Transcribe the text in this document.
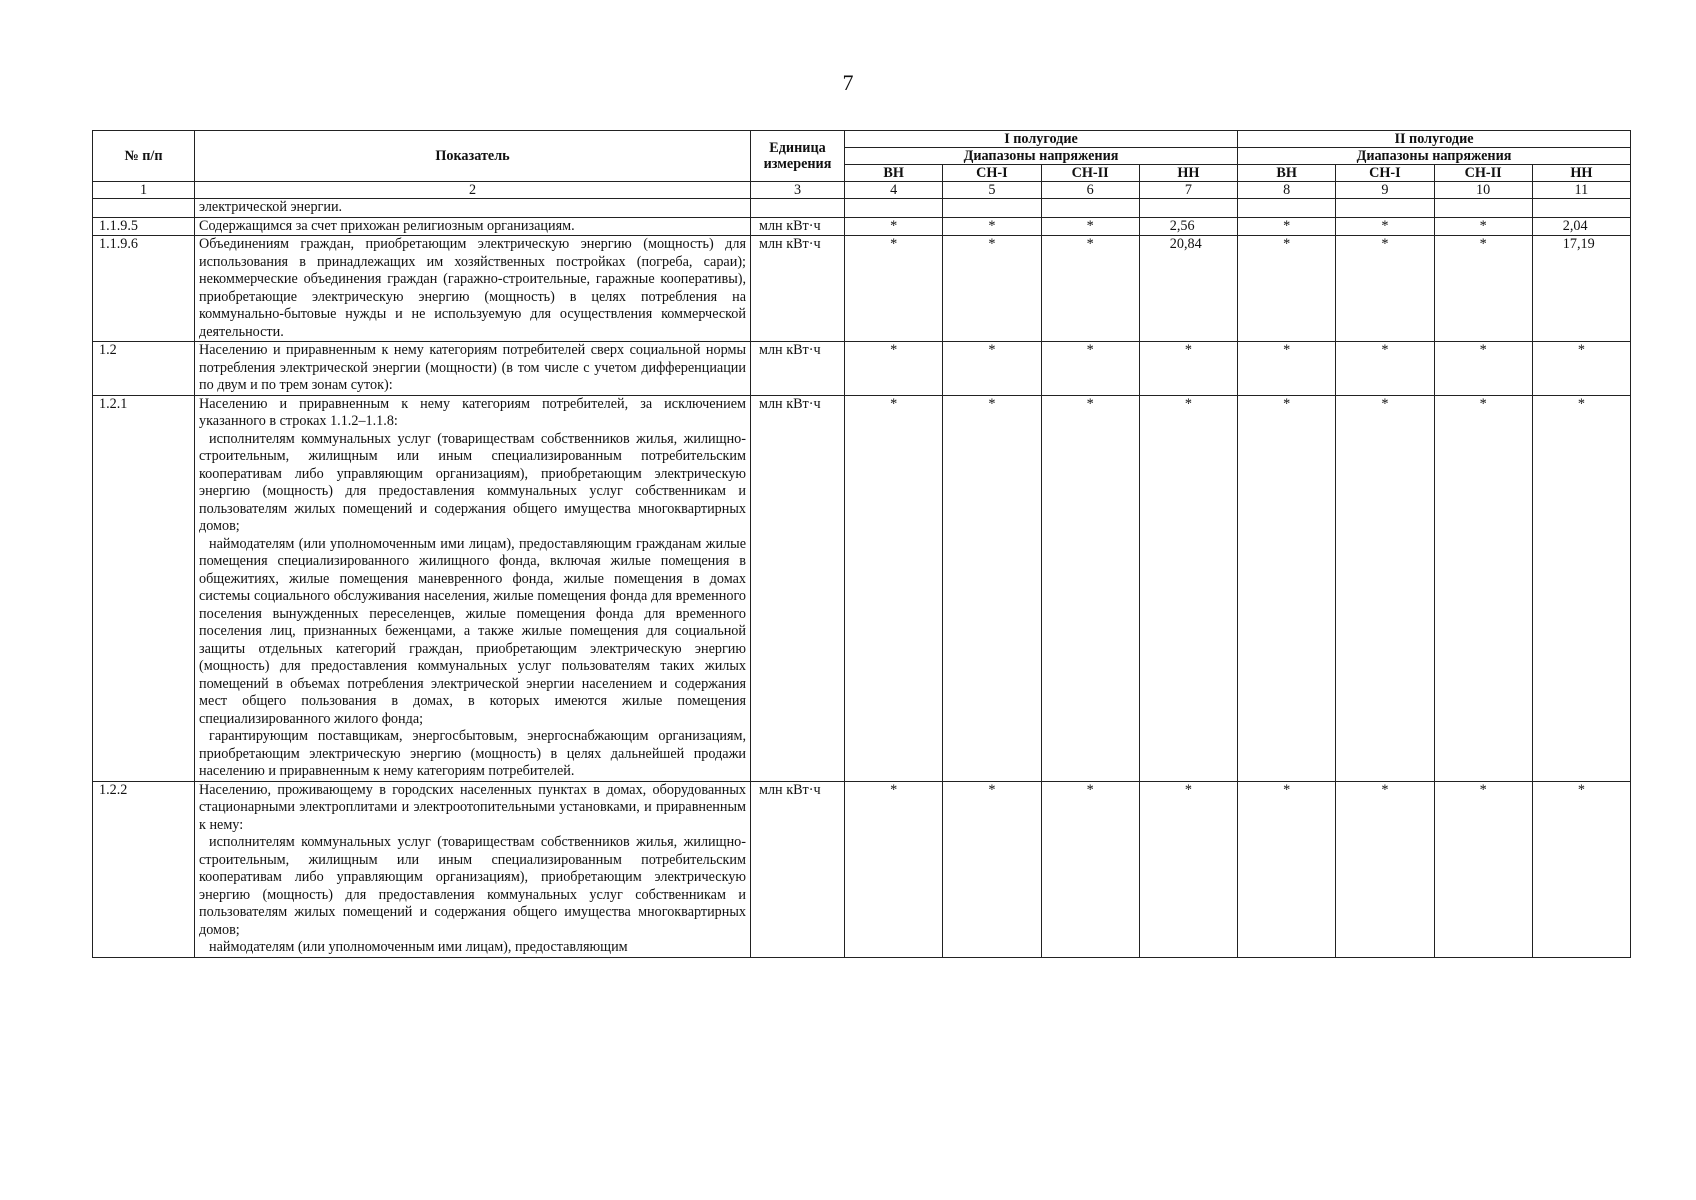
7
№ п/п	Показатель	Единица измерения	I полугодие				II полугодие			
			Диапазоны напряжения				Диапазоны напряжения			
			ВН	СН-I	СН-II	НН	ВН	СН-I	СН-II	НН
1	2	3	4	5	6	7	8	9	10	11

	электрической энергии.									

1.1.9.5	Содержащимся за счет прихожан религиозным организациям.	млн кВт·ч	*	*	*	2,56	*	*	*	2,04
1.1.9.6	Объединениям граждан, приобретающим электрическую энергию (мощность) для использования в принадлежащих им хозяйственных постройках (погреба, сараи); некоммерческие объединения граждан (гаражно-строительные, гаражные кооперативы), приобретающие электрическую энергию (мощность) в целях потребления на коммунально-бытовые нужды и не используемую для осуществления коммерческой деятельности.	млн кВт·ч	*	*	*	20,84	*	*	*	17,19
1.2	Населению и приравненным к нему категориям потребителей сверх социальной нормы потребления электрической энергии (мощности) (в том числе с учетом дифференциации по двум и по трем зонам суток):	млн кВт·ч	*	*	*	*	*	*	*	*
1.2.1	Населению и приравненным к нему категориям потребителей, за исключением указанного в строках 1.1.2–1.1.8:

исполнителям коммунальных услуг (товариществам собственников жилья, жилищно-строительным, жилищным или иным специализированным потребительским кооперативам либо управляющим организациям), приобретающим электрическую энергию (мощность) для предоставления коммунальных услуг собственникам и пользователям жилых помещений и содержания общего имущества многоквартирных домов;

наймодателям (или уполномоченным ими лицам), предоставляющим гражданам жилые помещения специализированного жилищного фонда, включая жилые помещения в общежитиях, жилые помещения маневренного фонда, жилые помещения в домах системы социального обслуживания населения, жилые помещения фонда для временного поселения вынужденных переселенцев, жилые помещения фонда для временного поселения лиц, признанных беженцами, а также жилые помещения для социальной защиты отдельных категорий граждан, приобретающим электрическую энергию (мощность) для предоставления коммунальных услуг пользователям таких жилых помещений в объемах потребления электрической энергии населением и содержания мест общего пользования в домах, в которых имеются жилые помещения специализированного жилого фонда;

гарантирующим поставщикам, энергосбытовым, энергоснабжающим организациям, приобретающим электрическую энергию (мощность) в целях дальнейшей продажи населению и приравненным к нему категориям потребителей.	млн кВт·ч	*	*	*	*	*	*	*	*
1.2.2	Населению, проживающему в городских населенных пунктах в домах, оборудованных стационарными электроплитами и электроотопительными установками, и приравненным к нему:

исполнителям коммунальных услуг (товариществам собственников жилья, жилищно-строительным, жилищным или иным специализированным потребительским кооперативам либо управляющим организациям), приобретающим электрическую энергию (мощность) для предоставления коммунальных услуг собственникам и пользователям жилых помещений и содержания общего имущества многоквартирных домов;

наймодателям (или уполномоченным ими лицам), предоставляющим	млн кВт·ч	*	*	*	*	*	*	*	*
